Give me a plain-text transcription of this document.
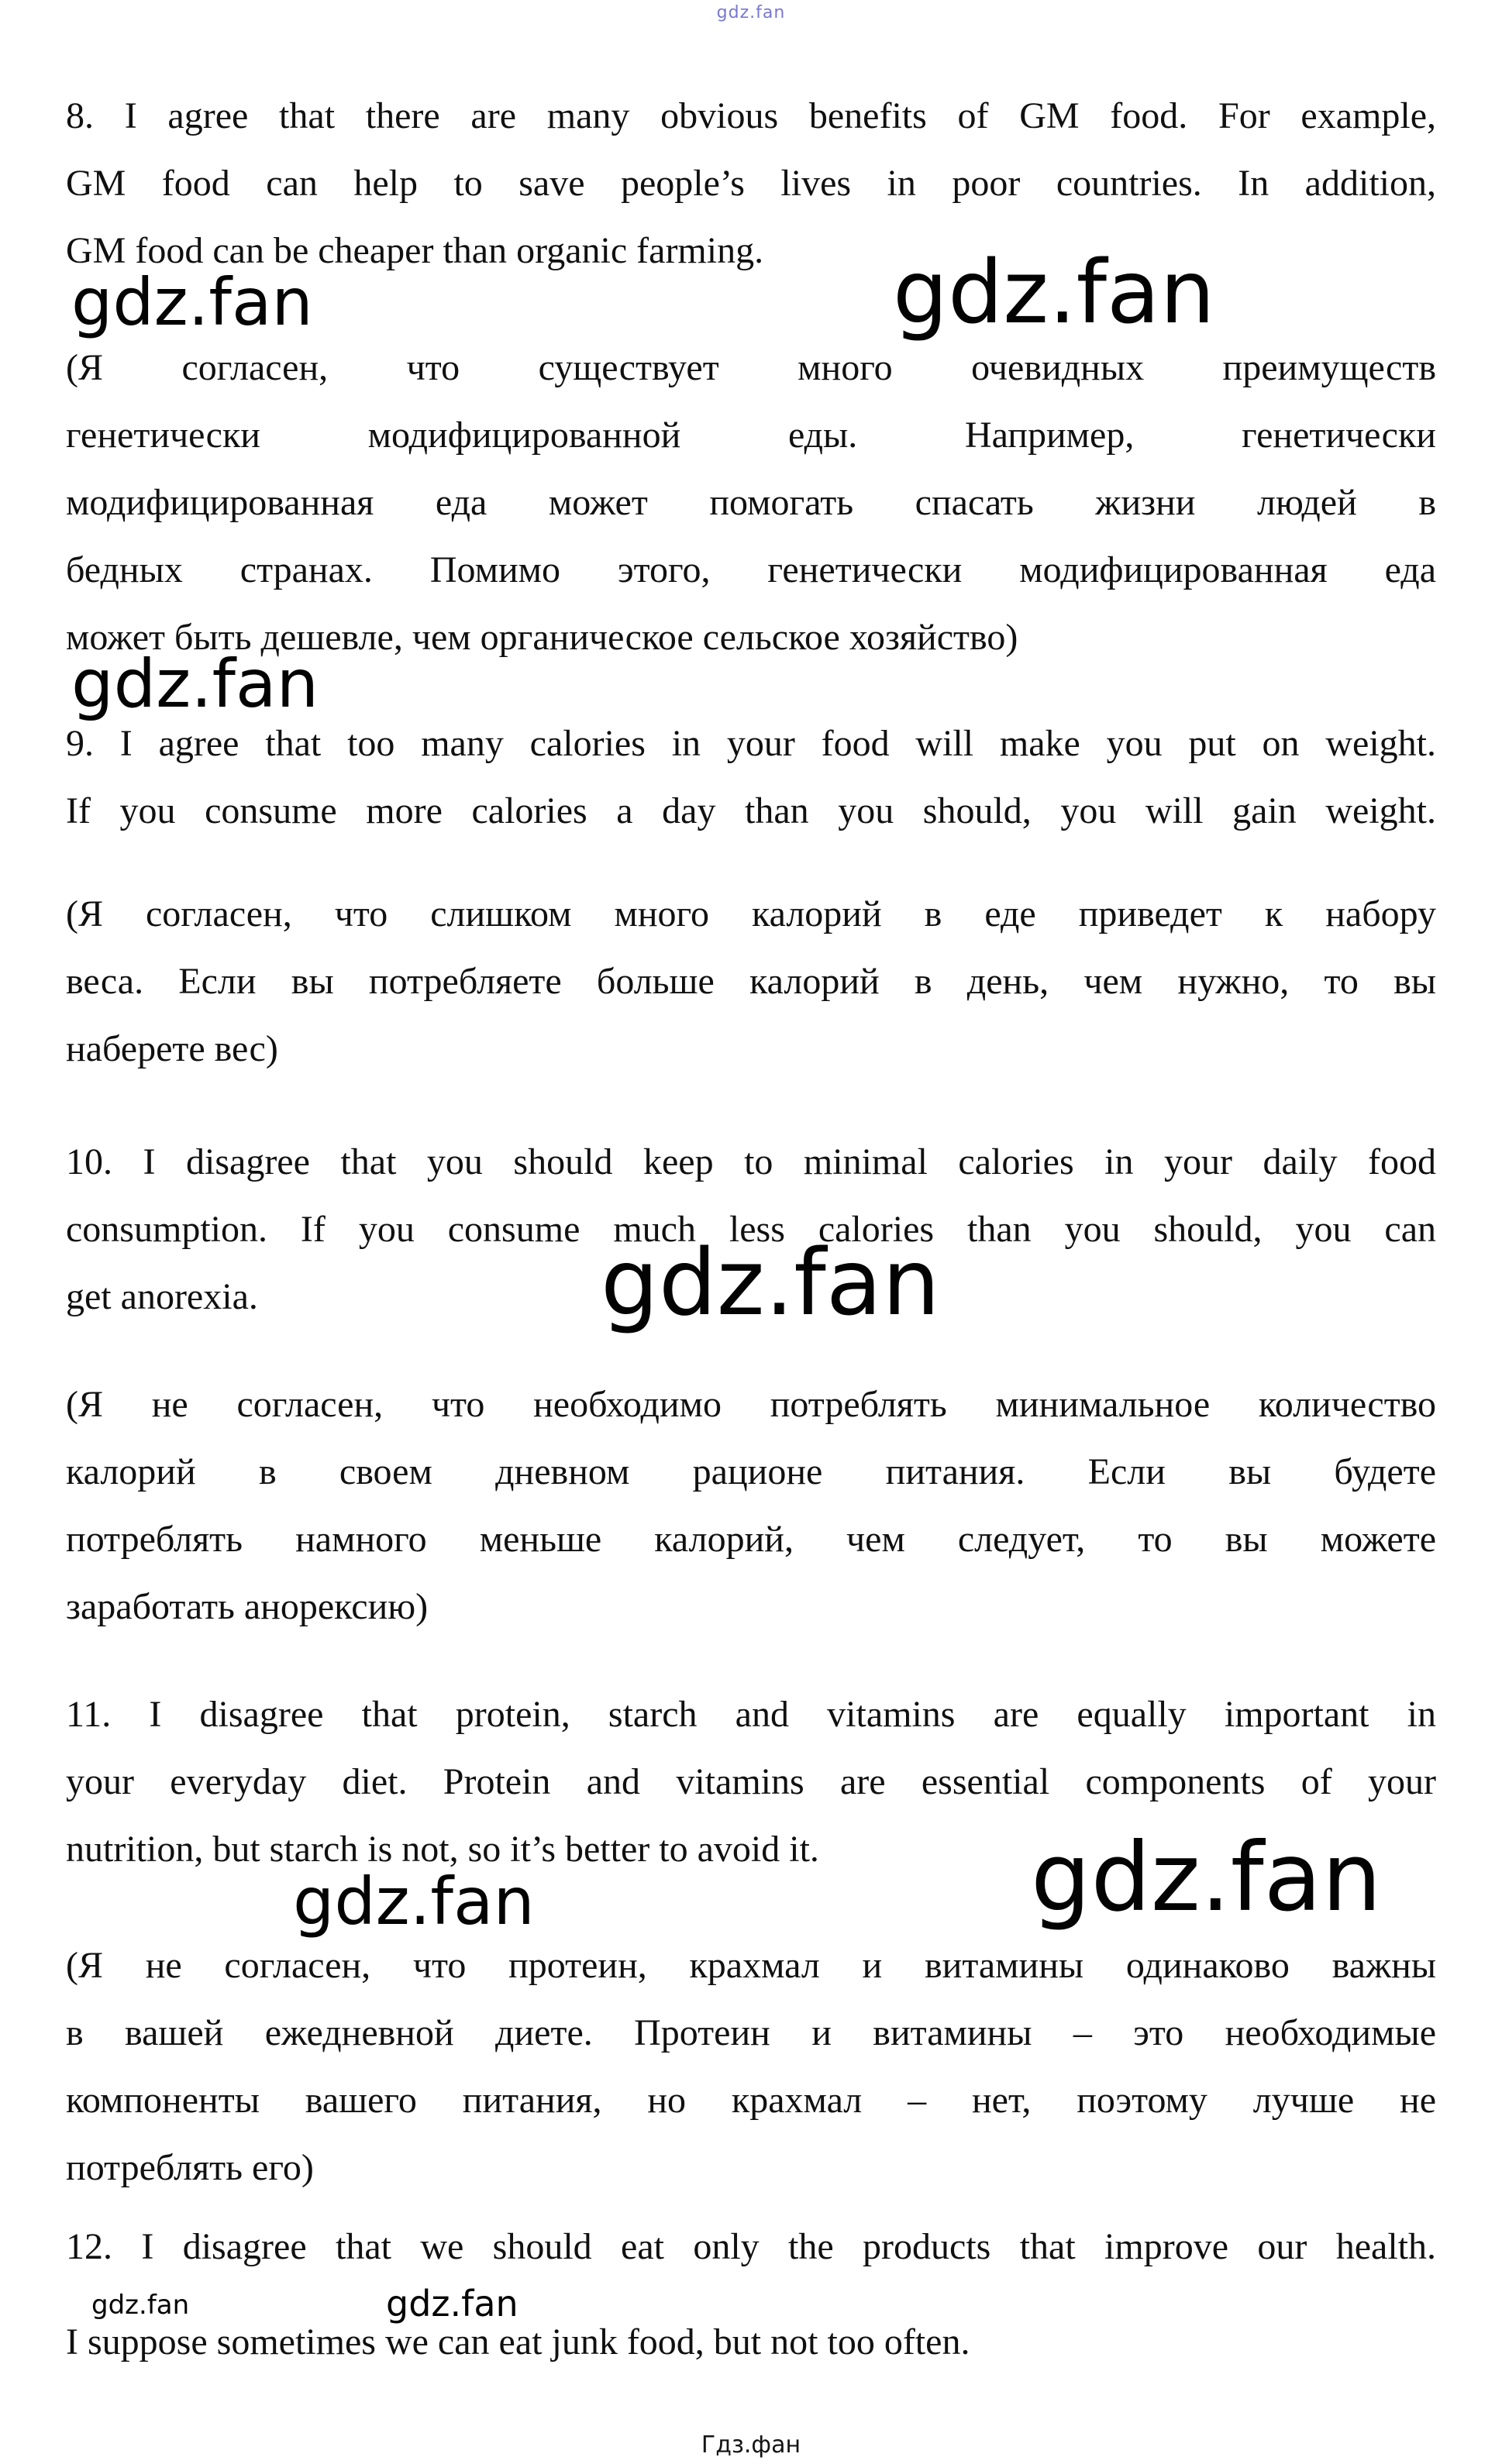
gdz.fan
8. I agree that there are many obvious benefits of GM food. For example,
GM food can help to save people’s lives in poor countries. In addition,
GM food can be cheaper than organic farming.
gdz.fan	gdz.fan
(Я согласен, что существует много очевидных преимуществ
генетически модифицированной еды. Например, генетически
модифицированная еда может помогать спасать жизни людей в
бедных странах. Помимо этого, генетически модифицированная еда
может быть дешевле, чем органическое сельское хозяйство)
gdz.fan
9. I agree that too many calories in your food will make you put on weight.
If you consume more calories a day than you should, you will gain weight.
(Я согласен, что слишком много калорий в еде приведет к набору
веса. Если вы потребляете больше калорий в день, чем нужно, то вы
наберете вес)
10. I disagree that you should keep to minimal calories in your daily food
consumption. If you consume much less calories than you should, you can
get anorexia.	gdz.fan
(Я не согласен, что необходимо потреблять минимальное количество
калорий в своем дневном рационе питания. Если вы будете
потреблять намного меньше калорий, чем следует, то вы можете
заработать анорексию)
11. I disagree that protein, starch and vitamins are equally important in
your everyday diet. Protein and vitamins are essential components of your
nutrition, but starch is not, so it’s better to avoid it.
gdz.fan	gdz.fan
(Я не согласен, что протеин, крахмал и витамины одинаково важны
в вашей ежедневной диете. Протеин и витамины – это необходимые
компоненты вашего питания, но крахмал – нет, поэтому лучше не
потреблять его)
12. I disagree that we should eat only the products that improve our health.
I suppose sometimes we can eat junk food, but not too often.
gdz.fan	gdz.fan
Гдз.фан
